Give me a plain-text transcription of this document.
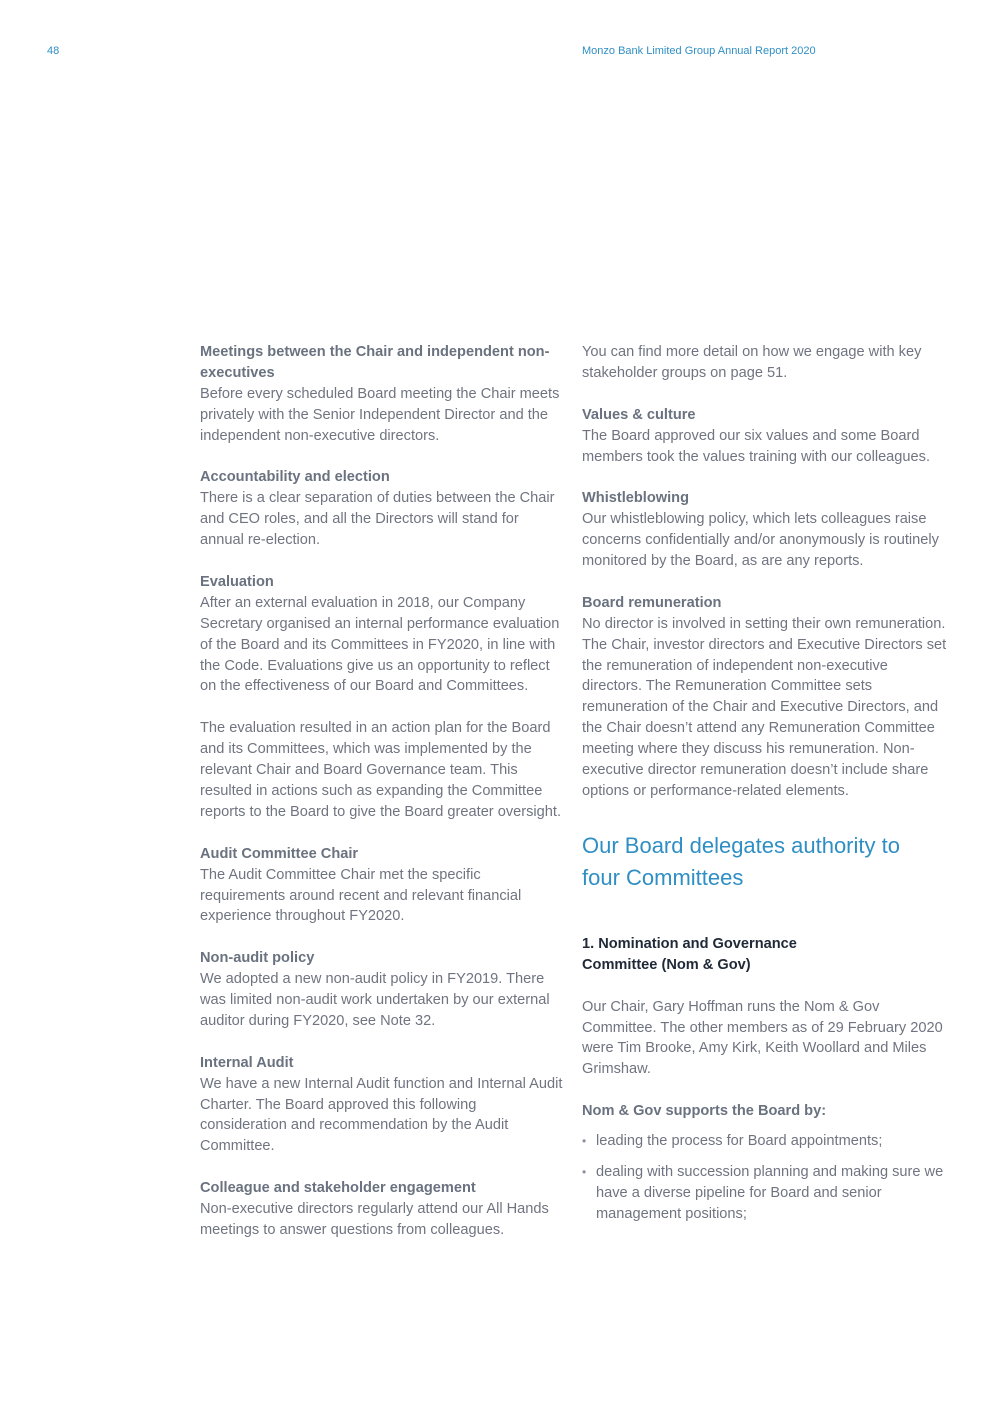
48	Monzo Bank Limited Group Annual Report 2020
Meetings between the Chair and independent non-executives

Before every scheduled Board meeting the Chair meets privately with the Senior Independent Director and the independent non-executive directors.

Accountability and election

There is a clear separation of duties between the Chair and CEO roles, and all the Directors will stand for annual re-election.

Evaluation

After an external evaluation in 2018, our Company Secretary organised an internal performance evaluation of the Board and its Committees in FY2020, in line with the Code. Evaluations give us an opportunity to reflect on the effectiveness of our Board and Committees.

The evaluation resulted in an action plan for the Board and its Committees, which was implemented by the relevant Chair and Board Governance team. This resulted in actions such as expanding the Committee reports to the Board to give the Board greater oversight.

Audit Committee Chair

The Audit Committee Chair met the specific requirements around recent and relevant financial experience throughout FY2020.

Non-audit policy

We adopted a new non-audit policy in FY2019. There was limited non-audit work undertaken by our external auditor during FY2020, see Note 32.

Internal Audit

We have a new Internal Audit function and Internal Audit Charter. The Board approved this following consideration and recommendation by the Audit Committee.

Colleague and stakeholder engagement

Non-executive directors regularly attend our All Hands meetings to answer questions from colleagues.

You can find more detail on how we engage with key stakeholder groups on page 51.

Values & culture

The Board approved our six values and some Board members took the values training with our colleagues.

Whistleblowing

Our whistleblowing policy, which lets colleagues raise concerns confidentially and/or anonymously is routinely monitored by the Board, as are any reports.

Board remuneration

No director is involved in setting their own remuneration. The Chair, investor directors and Executive Directors set the remuneration of independent non-executive directors. The Remuneration Committee sets remuneration of the Chair and Executive Directors, and the Chair doesn’t attend any Remuneration Committee meeting where they discuss his remuneration. Non-executive director remuneration doesn’t include share options or performance-related elements.

Our Board delegates authority to four Committees
1. Nomination and Governance Committee (Nom & Gov)

Our Chair, Gary Hoffman runs the Nom & Gov Committee. The other members as of 29 February 2020 were Tim Brooke, Amy Kirk, Keith Woollard and Miles Grimshaw.

Nom & Gov supports the Board by:
• leading the process for Board appointments;
• dealing with succession planning and making sure we have a diverse pipeline for Board and senior management positions;
